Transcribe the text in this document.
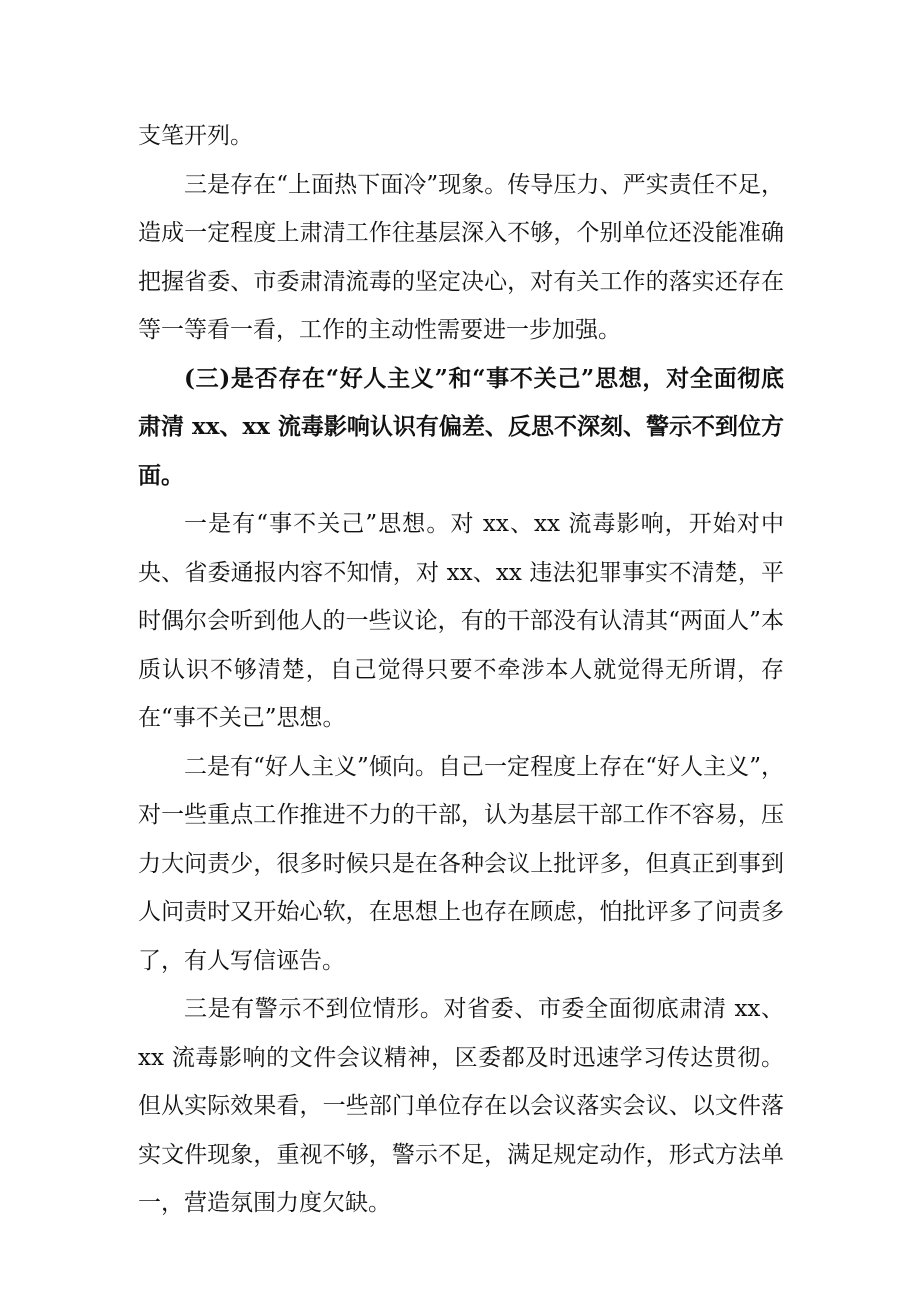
支笔开列。

三是存在“上面热下面冷”现象。传导压力、严实责任不足，造成一定程度上肃清工作往基层深入不够，个别单位还没能准确把握省委、市委肃清流毒的坚定决心，对有关工作的落实还存在等一等看一看，工作的主动性需要进一步加强。

(三)是否存在“好人主义”和“事不关己”思想，对全面彻底肃清 xx、xx 流毒影响认识有偏差、反思不深刻、警示不到位方面。

一是有“事不关己”思想。对 xx、xx 流毒影响，开始对中央、省委通报内容不知情，对 xx、xx 违法犯罪事实不清楚，平时偶尔会听到他人的一些议论，有的干部没有认清其“两面人”本质认识不够清楚，自己觉得只要不牵涉本人就觉得无所谓，存在“事不关己”思想。

二是有“好人主义”倾向。自己一定程度上存在“好人主义”，对一些重点工作推进不力的干部，认为基层干部工作不容易，压力大问责少，很多时候只是在各种会议上批评多，但真正到事到人问责时又开始心软，在思想上也存在顾虑，怕批评多了问责多了，有人写信诬告。

三是有警示不到位情形。对省委、市委全面彻底肃清 xx、xx 流毒影响的文件会议精神，区委都及时迅速学习传达贯彻。但从实际效果看，一些部门单位存在以会议落实会议、以文件落实文件现象，重视不够，警示不足，满足规定动作，形式方法单一，营造氛围力度欠缺。
